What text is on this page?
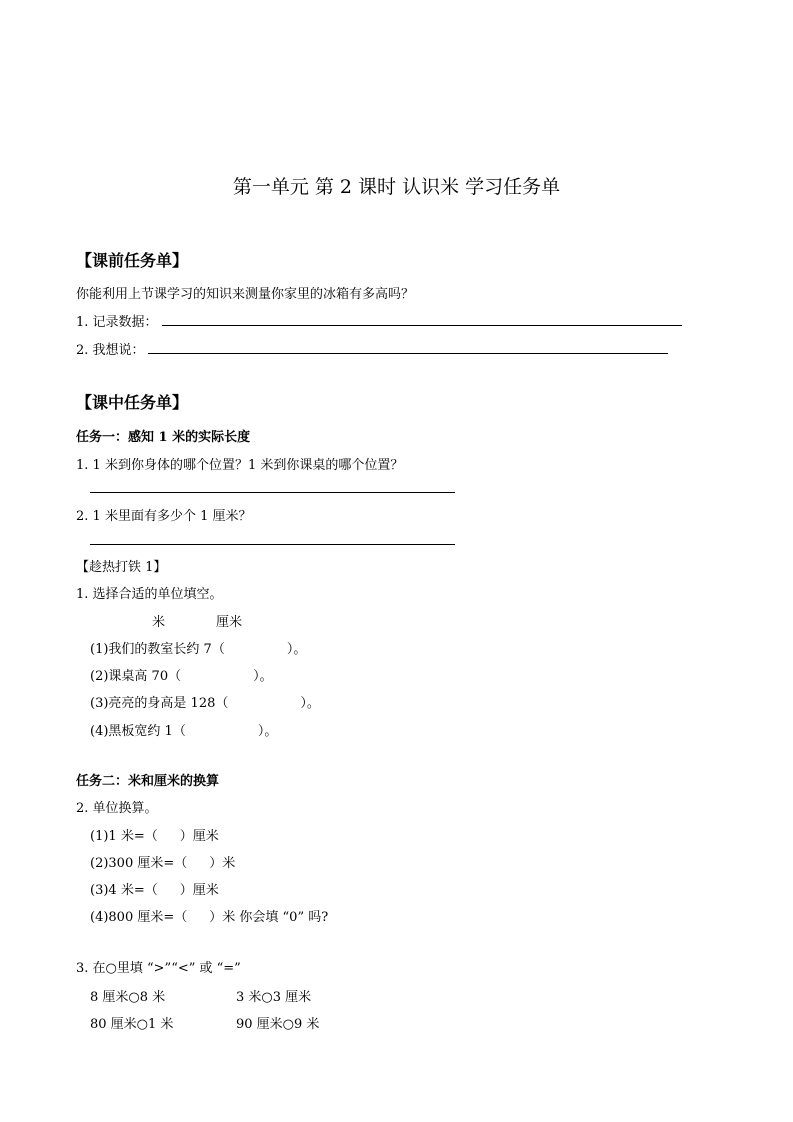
第一单元 第 2 课时 认识米 学习任务单
【课前任务单】
你能利用上节课学习的知识来测量你家里的冰箱有多高吗？
1. 记录数据：
2. 我想说：
【课中任务单】
任务一：感知 1 米的实际长度
1. 1 米到你身体的哪个位置？1 米到你课桌的哪个位置？
2. 1 米里面有多少个 1 厘米？
【趁热打铁 1】
1. 选择合适的单位填空。
米	厘米
(1)我们的教室长约 7（	）。
(2)课桌高 70（	）。
(3)亮亮的身高是 128（	）。
(4)黑板宽约 1（	）。
任务二：米和厘米的换算
2. 单位换算。
(1)1 米=（ ）厘米
(2)300 厘米=（ ）米
(3)4 米=（ ）厘米
(4)800 厘米=（ ）米 你会填 “0” 吗?
3. 在○里填 “>”“<” 或 “=”
8 厘米○8 米	3 米○3 厘米
80 厘米○1 米	90 厘米○9 米
